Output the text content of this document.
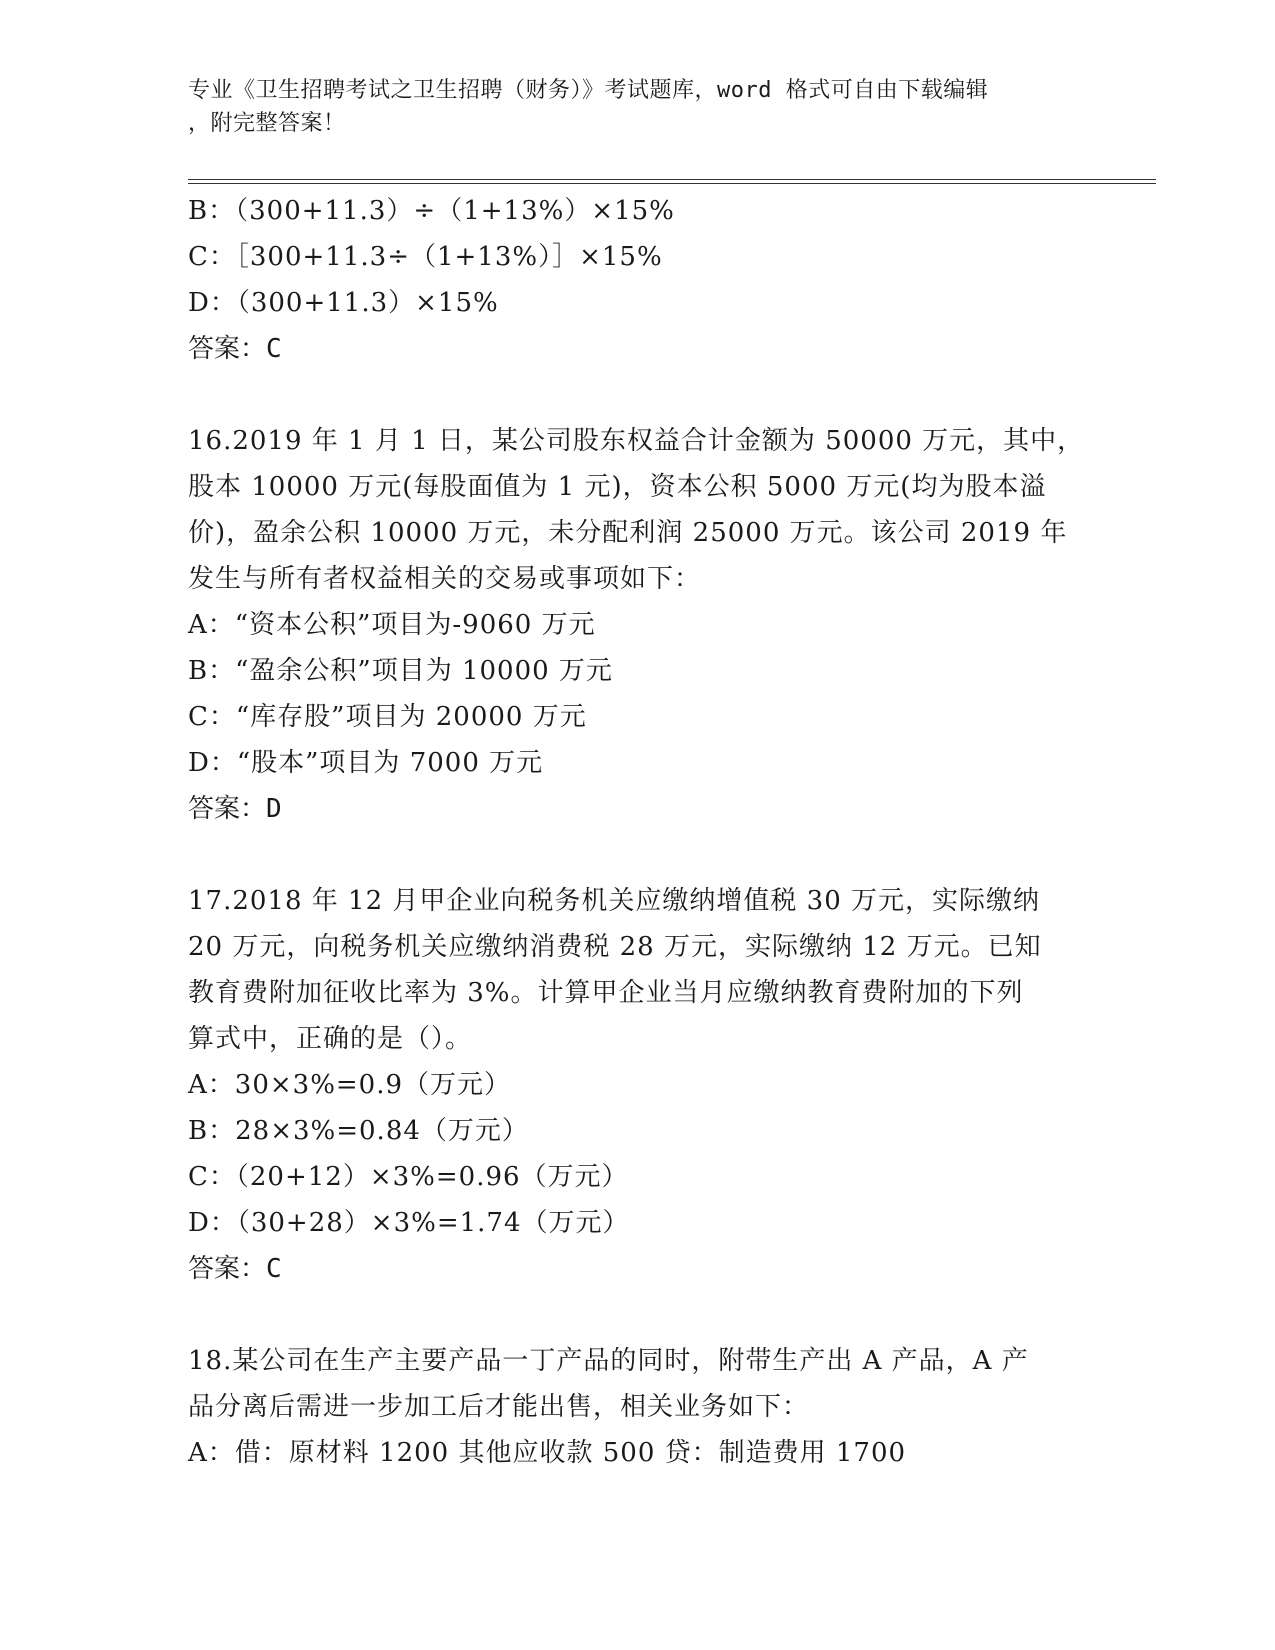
专业《卫生招聘考试之卫生招聘（财务）》考试题库，word 格式可自由下载编辑
，附完整答案！
B：（300+11.3）÷（1+13%）×15%
C：［300+11.3÷（1+13%）］×15%
D：（300+11.3）×15%
答案：C
16.2019 年 1 月 1 日，某公司股东权益合计金额为 50000 万元，其中，
股本 10000 万元(每股面值为 1 元)，资本公积 5000 万元(均为股本溢
价)，盈余公积 10000 万元，未分配利润 25000 万元。该公司 2019 年
发生与所有者权益相关的交易或事项如下：
A：“资本公积”项目为-9060 万元
B：“盈余公积”项目为 10000 万元
C：“库存股”项目为 20000 万元
D：“股本”项目为 7000 万元
答案：D
17.2018 年 12 月甲企业向税务机关应缴纳增值税 30 万元，实际缴纳
20 万元，向税务机关应缴纳消费税 28 万元，实际缴纳 12 万元。已知
教育费附加征收比率为 3%。计算甲企业当月应缴纳教育费附加的下列
算式中，正确的是（）。
A：30×3%=0.9（万元）
B：28×3%=0.84（万元）
C：（20+12）×3%=0.96（万元）
D：（30+28）×3%=1.74（万元）
答案：C
18.某公司在生产主要产品一丁产品的同时，附带生产出 A 产品，A 产
品分离后需进一步加工后才能出售，相关业务如下：
A：借：原材料 1200 其他应收款 500 贷：制造费用 1700
